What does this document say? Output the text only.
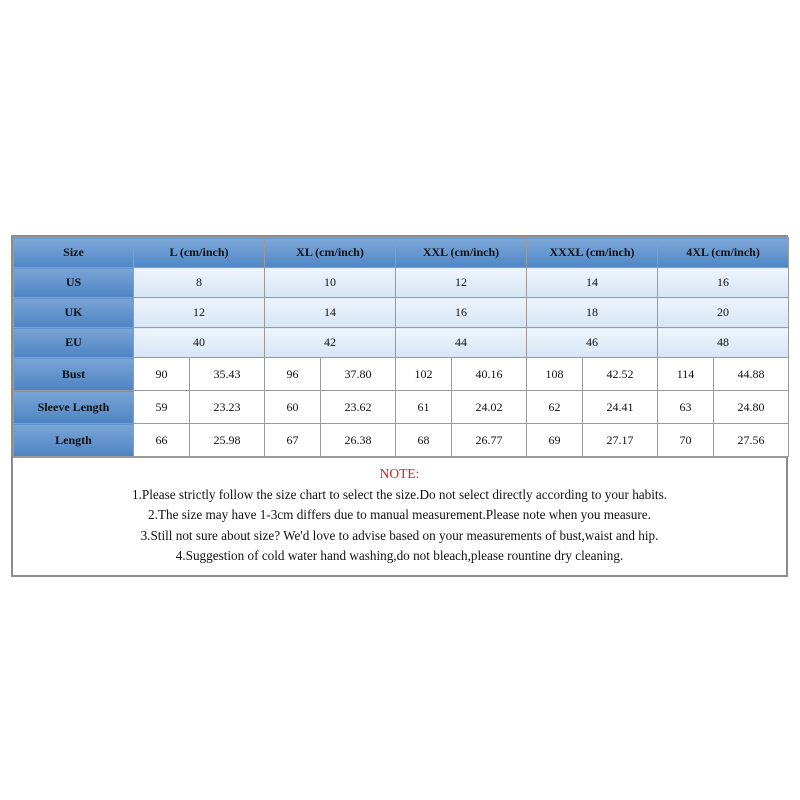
Size	L (cm/inch)		XL (cm/inch)		XXL (cm/inch)		XXXL (cm/inch)		4XL (cm/inch)	
US	8		10		12		14		16	
UK	12		14		16		18		20	
EU	40		42		44		46		48	
Bust	90	35.43	96	37.80	102	40.16	108	42.52	114	44.88
Sleeve Length	59	23.23	60	23.62	61	24.02	62	24.41	63	24.80
Length	66	25.98	67	26.38	68	26.77	69	27.17	70	27.56
NOTE:
1.Please strictly follow the size chart to select the size.Do not select directly according to your habits.
2.The size may have 1-3cm differs due to manual measurement.Please note when you measure.
3.Still not sure about size? We'd love to advise based on your measurements of bust,waist and hip.
4.Suggestion of cold water hand washing,do not bleach,please rountine dry cleaning.
